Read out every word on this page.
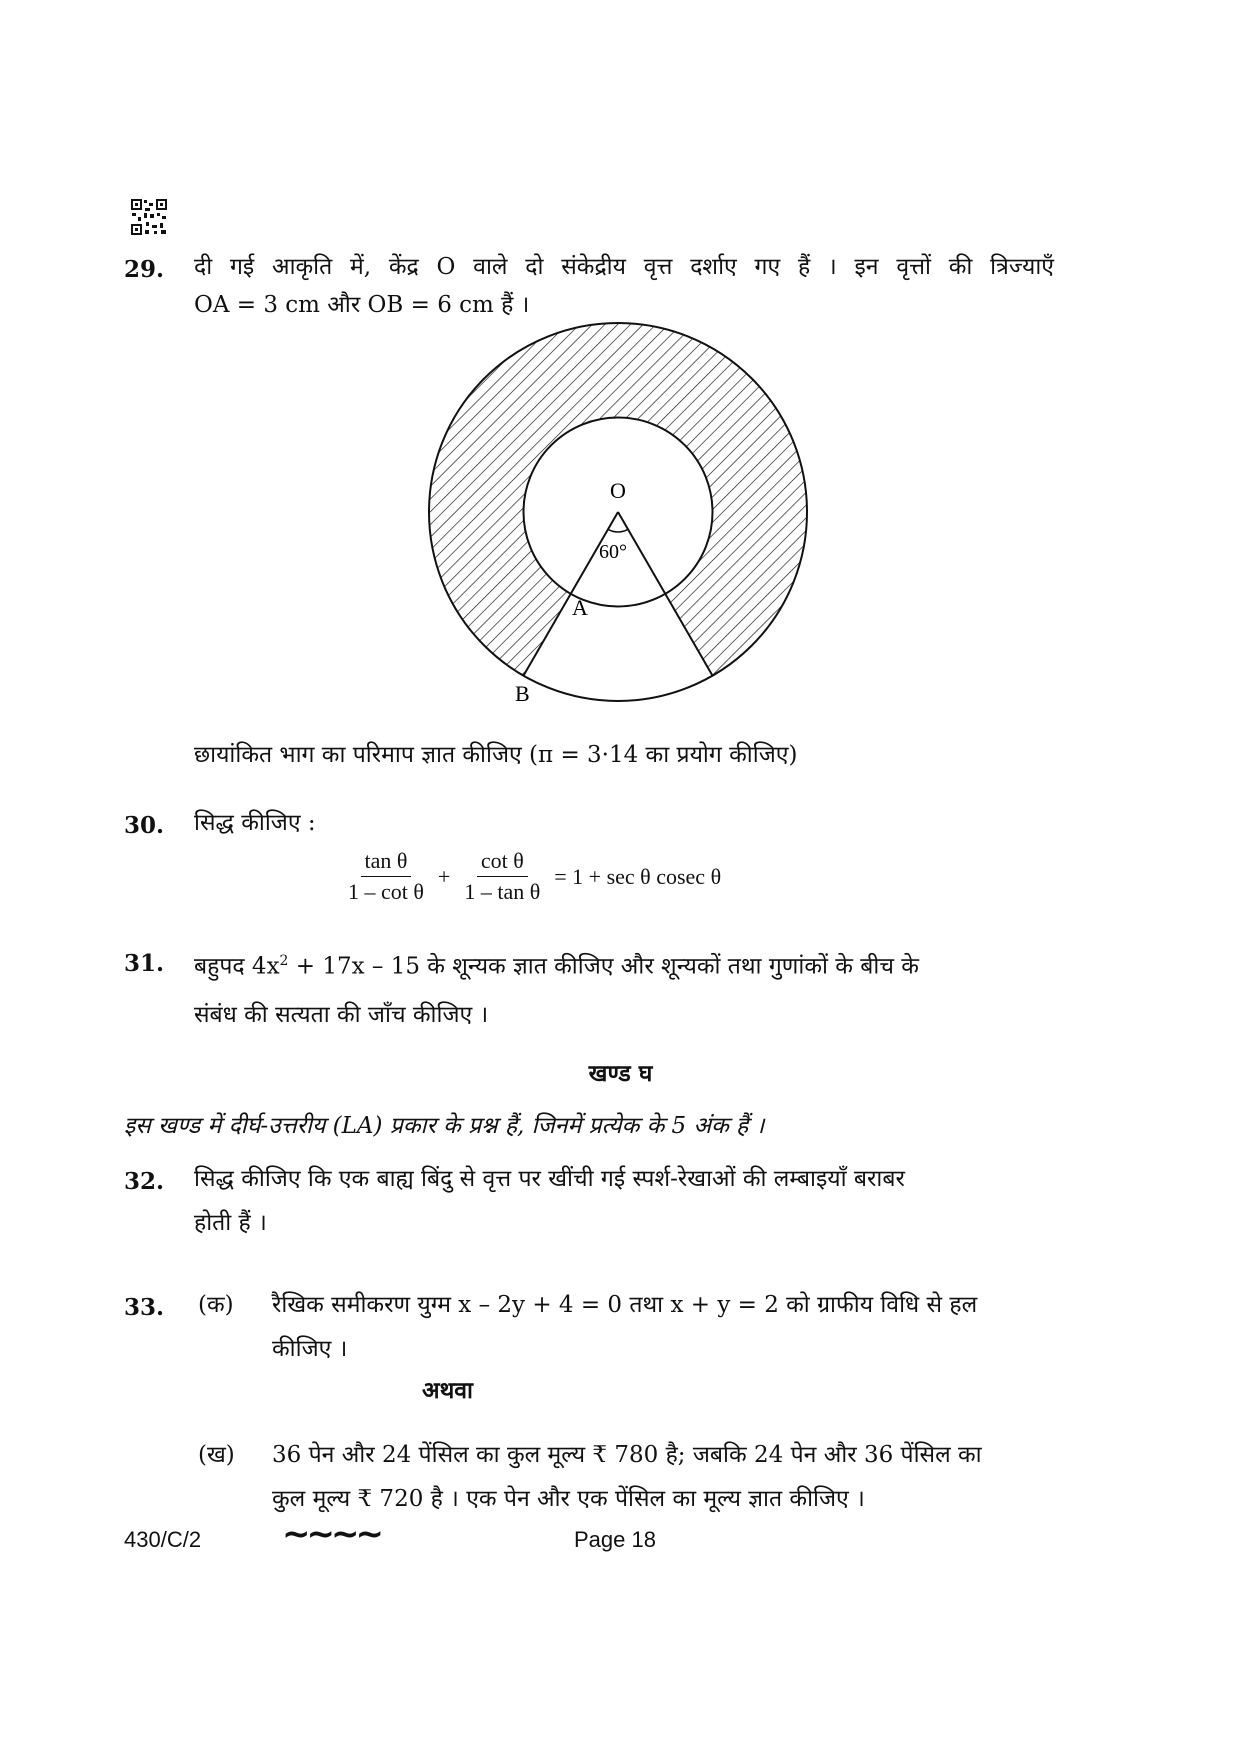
29. दी गई आकृति में, केंद्र O वाले दो संकेद्रीय वृत्त दर्शाए गए हैं । इन वृत्तों की त्रिज्याएँ
OA = 3 cm और OB = 6 cm हैं ।
O
60°
A
B
छायांकित भाग का परिमाप ज्ञात कीजिए (π = 3·14 का प्रयोग कीजिए)
30. सिद्ध कीजिए :
$\frac{\text{tan θ}}{\text{1 – cot θ}} + \frac{\text{cot θ}}{\text{1 – tan θ}} = 1 + \sec \theta$ cosec θ
31. बहुपद $4x^2 + 17x - 15$ के शून्यक ज्ञात कीजिए और शून्यकों तथा गुणांकों के बीच के
संबंध की सत्यता की जाँच कीजिए ।
खण्ड घ
इस खण्ड में दीर्घ-उत्तरीय (LA) प्रकार के प्रश्न हैं, जिनमें प्रत्येक के 5 अंक हैं ।
32. सिद्ध कीजिए कि एक बाह्य बिंदु से वृत्त पर खींची गई स्पर्श-रेखाओं की लम्बाइयाँ बराबर
होती हैं ।
33. (क) रैखिक समीकरण युग्म x – 2y + 4 = 0 तथा x + y = 2 को ग्राफीय विधि से हल
कीजिए ।
अथवा
(ख) 36 पेन और 24 पेंसिल का कुल मूल्य ₹ 780 है; जबकि 24 पेन और 36 पेंसिल का
कुल मूल्य ₹ 720 है । एक पेन और एक पेंसिल का मूल्य ज्ञात कीजिए ।
430/C/2 ~~~~	Page 18
